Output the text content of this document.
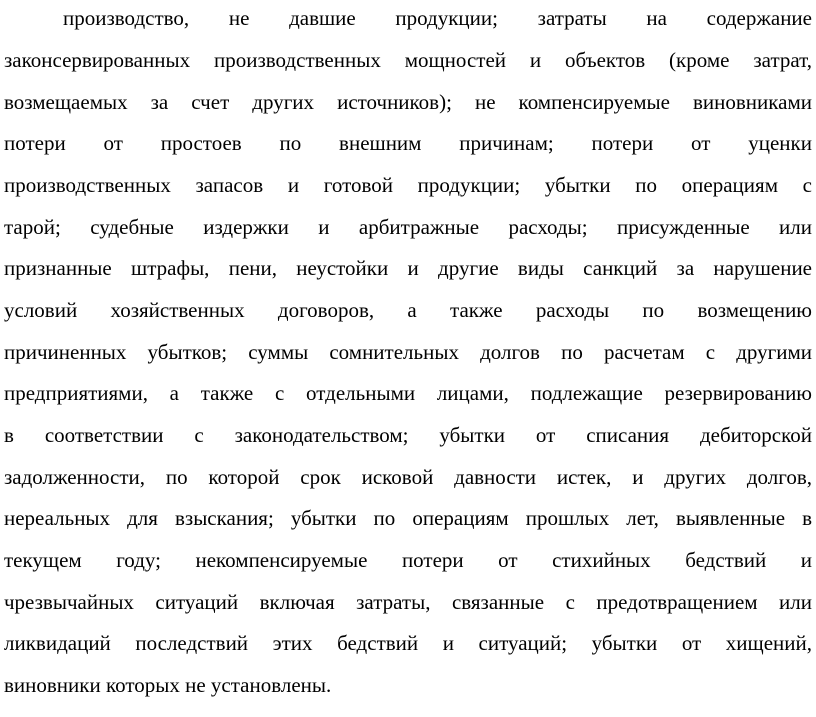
производство, не давшие продукции; затраты на содержание
законсервированных производственных мощностей и объектов (кроме затрат,
возмещаемых за счет других источников); не компенсируемые виновниками
потери от простоев по внешним причинам; потери от уценки
производственных запасов и готовой продукции; убытки по операциям с
тарой; судебные издержки и арбитражные расходы; присужденные или
признанные штрафы, пени, неустойки и другие виды санкций за нарушение
условий хозяйственных договоров, а также расходы по возмещению
причиненных убытков; суммы сомнительных долгов по расчетам с другими
предприятиями, а также с отдельными лицами, подлежащие резервированию
в соответствии с законодательством; убытки от списания дебиторской
задолженности, по которой срок исковой давности истек, и других долгов,
нереальных для взыскания; убытки по операциям прошлых лет, выявленные в
текущем году; некомпенсируемые потери от стихийных бедствий и
чрезвычайных ситуаций включая затраты, связанные с предотвращением или
ликвидаций последствий этих бедствий и ситуаций; убытки от хищений,
виновники которых не установлены.
